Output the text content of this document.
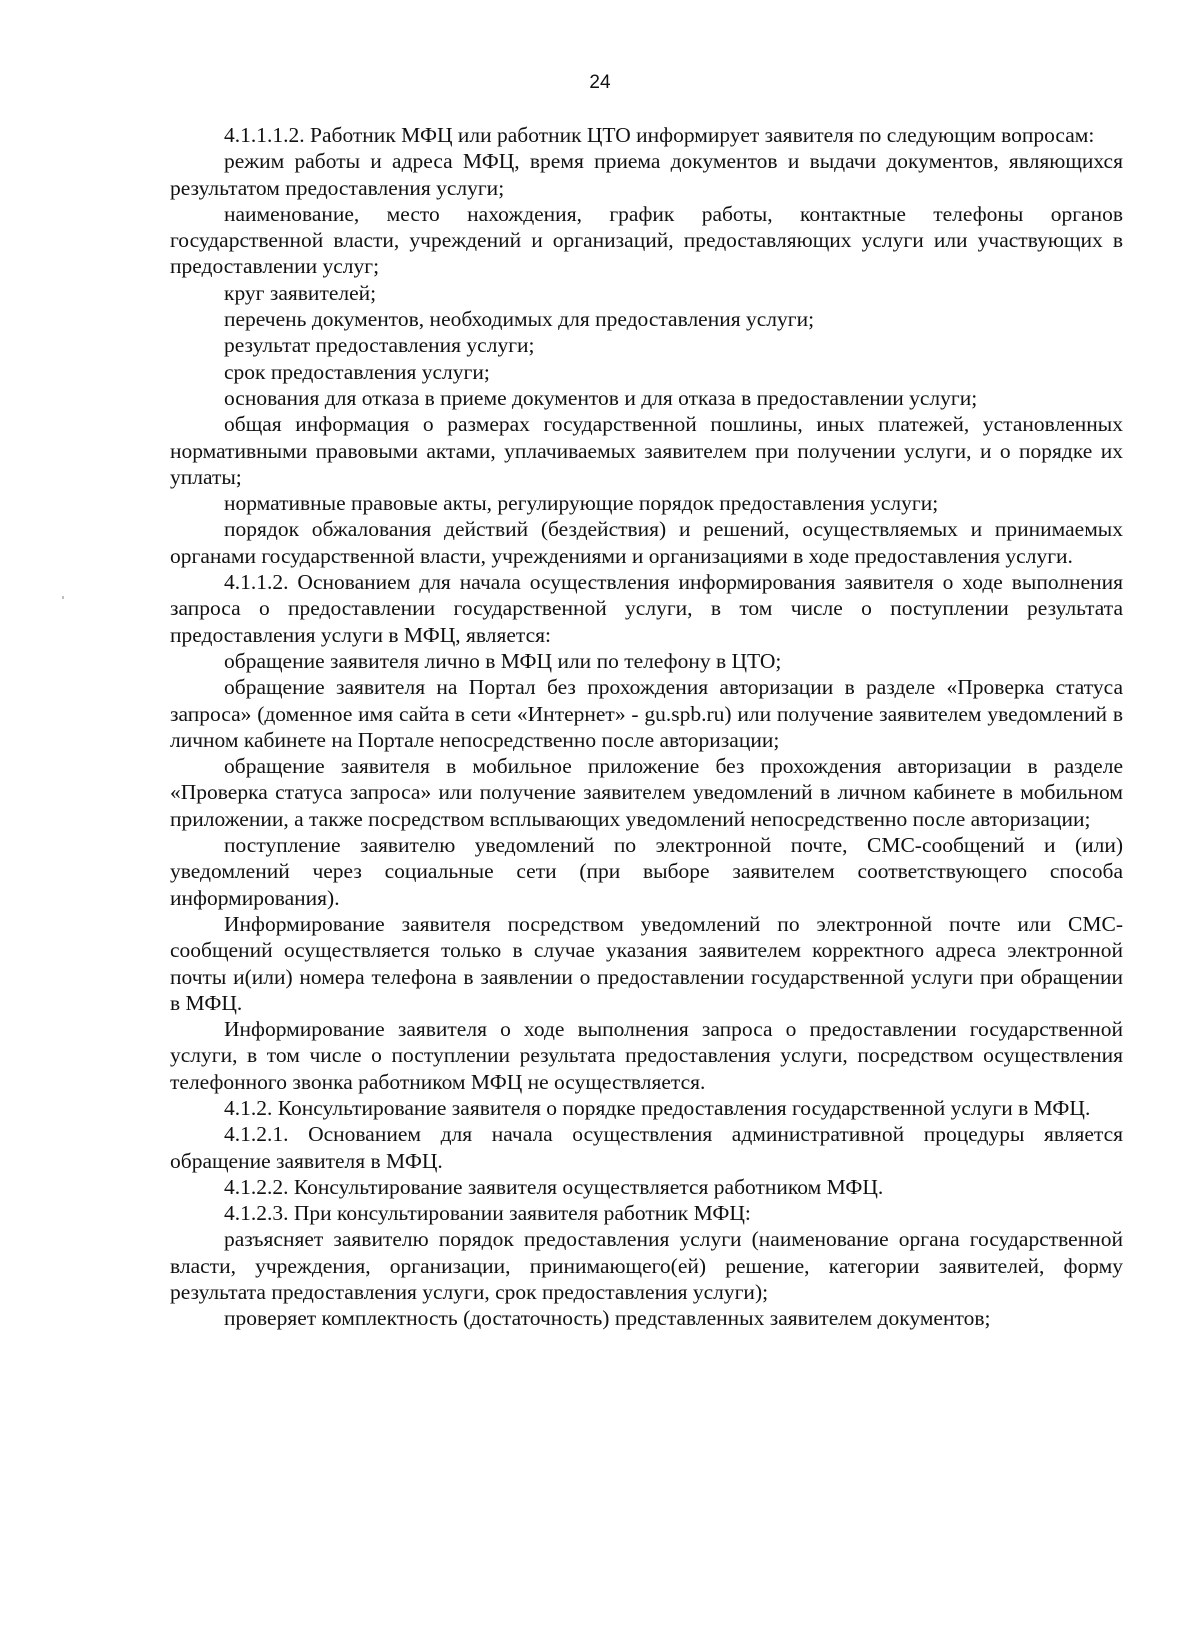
24

4.1.1.1.2. Работник МФЦ или работник ЦТО информирует заявителя по следующим вопросам:

режим работы и адреса МФЦ, время приема документов и выдачи документов, являющихся результатом предоставления услуги;

наименование, место нахождения, график работы, контактные телефоны органов государственной власти, учреждений и организаций, предоставляющих услуги или участвующих в предоставлении услуг;

круг заявителей;

перечень документов, необходимых для предоставления услуги;

результат предоставления услуги;

срок предоставления услуги;

основания для отказа в приеме документов и для отказа в предоставлении услуги;

общая информация о размерах государственной пошлины, иных платежей, установленных нормативными правовыми актами, уплачиваемых заявителем при получении услуги, и о порядке их уплаты;

нормативные правовые акты, регулирующие порядок предоставления услуги;

порядок обжалования действий (бездействия) и решений, осуществляемых и принимаемых органами государственной власти, учреждениями и организациями в ходе предоставления услуги.

4.1.1.2. Основанием для начала осуществления информирования заявителя о ходе выполнения запроса о предоставлении государственной услуги, в том числе о поступлении результата предоставления услуги в МФЦ, является:

обращение заявителя лично в МФЦ или по телефону в ЦТО;

обращение заявителя на Портал без прохождения авторизации в разделе «Проверка статуса запроса» (доменное имя сайта в сети «Интернет» - gu.spb.ru) или получение заявителем уведомлений в личном кабинете на Портале непосредственно после авторизации;

обращение заявителя в мобильное приложение без прохождения авторизации в разделе «Проверка статуса запроса» или получение заявителем уведомлений в личном кабинете в мобильном приложении, а также посредством всплывающих уведомлений непосредственно после авторизации;

поступление заявителю уведомлений по электронной почте, СМС-сообщений и (или) уведомлений через социальные сети (при выборе заявителем соответствующего способа информирования).

Информирование заявителя посредством уведомлений по электронной почте или СМС-сообщений осуществляется только в случае указания заявителем корректного адреса электронной почты и(или) номера телефона в заявлении о предоставлении государственной услуги при обращении в МФЦ.

Информирование заявителя о ходе выполнения запроса о предоставлении государственной услуги, в том числе о поступлении результата предоставления услуги, посредством осуществления телефонного звонка работником МФЦ не осуществляется.

4.1.2. Консультирование заявителя о порядке предоставления государственной услуги в МФЦ.

4.1.2.1. Основанием для начала осуществления административной процедуры является обращение заявителя в МФЦ.

4.1.2.2. Консультирование заявителя осуществляется работником МФЦ.

4.1.2.3. При консультировании заявителя работник МФЦ:

разъясняет заявителю порядок предоставления услуги (наименование органа государственной власти, учреждения, организации, принимающего(ей) решение, категории заявителей, форму результата предоставления услуги, срок предоставления услуги);

проверяет комплектность (достаточность) представленных заявителем документов;
